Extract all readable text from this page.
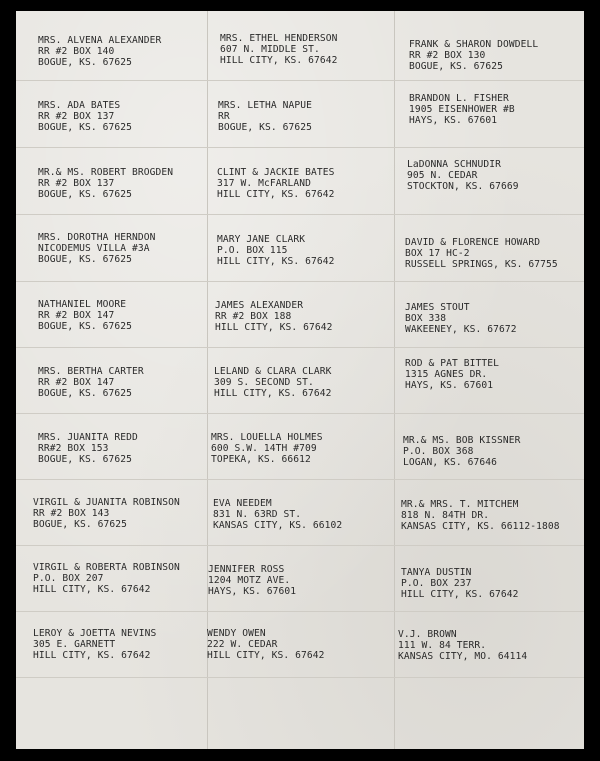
MRS. ALVENA ALEXANDER
RR #2 BOX 140
BOGUE, KS. 67625
MRS. ETHEL HENDERSON
607 N. MIDDLE ST.
HILL CITY, KS. 67642
FRANK & SHARON DOWDELL
RR #2 BOX 130
BOGUE, KS. 67625
MRS. ADA BATES
RR #2 BOX 137
BOGUE, KS. 67625
MRS. LETHA NAPUE
RR
BOGUE, KS. 67625
BRANDON L. FISHER
1905 EISENHOWER #B
HAYS, KS. 67601
MR.& MS. ROBERT BROGDEN
RR #2 BOX 137
BOGUE, KS. 67625
CLINT & JACKIE BATES
317 W. McFARLAND
HILL CITY, KS. 67642
LaDONNA SCHNUDIR
905 N. CEDAR
STOCKTON, KS. 67669
MRS. DOROTHA HERNDON
NICODEMUS VILLA #3A
BOGUE, KS. 67625
MARY JANE CLARK
P.O. BOX 115
HILL CITY, KS. 67642
DAVID & FLORENCE HOWARD
BOX 17 HC-2
RUSSELL SPRINGS, KS. 67755
NATHANIEL MOORE
RR #2 BOX 147
BOGUE, KS. 67625
JAMES ALEXANDER
RR #2 BOX 188
HILL CITY, KS. 67642
JAMES STOUT
BOX 338
WAKEENEY, KS. 67672
MRS. BERTHA CARTER
RR #2 BOX 147
BOGUE, KS. 67625
LELAND & CLARA CLARK
309 S. SECOND ST.
HILL CITY, KS. 67642
ROD & PAT BITTEL
1315 AGNES DR.
HAYS, KS. 67601
MRS. JUANITA REDD
RR#2 BOX 153
BOGUE, KS. 67625
MRS. LOUELLA HOLMES
600 S.W. 14TH #709
TOPEKA, KS. 66612
MR.& MS. BOB KISSNER
P.O. BOX 368
LOGAN, KS. 67646
VIRGIL & JUANITA ROBINSON
RR #2 BOX 143
BOGUE, KS. 67625
EVA NEEDEM
831 N. 63RD ST.
KANSAS CITY, KS. 66102
MR.& MRS. T. MITCHEM
818 N. 84TH DR.
KANSAS CITY, KS. 66112-1808
VIRGIL & ROBERTA ROBINSON
P.O. BOX 207
HILL CITY, KS. 67642
JENNIFER ROSS
1204 MOTZ AVE.
HAYS, KS. 67601
TANYA DUSTIN
P.O. BOX 237
HILL CITY, KS. 67642
LEROY & JOETTA NEVINS
305 E. GARNETT
HILL CITY, KS. 67642
WENDY OWEN
222 W. CEDAR
HILL CITY, KS. 67642
V.J. BROWN
111 W. 84 TERR.
KANSAS CITY, MO. 64114
